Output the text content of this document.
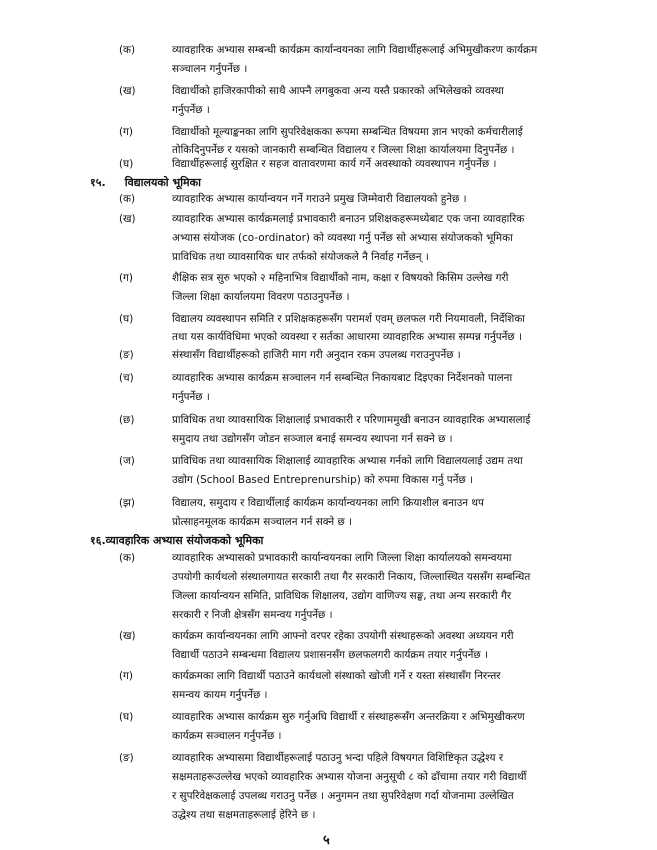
(क)	व्यावहारिक अभ्यास सम्बन्धी कार्यक्रम कार्यान्वयनका लागि विद्यार्थीहरूलाई अभिमुखीकरण कार्यक्रम
सञ्चालन गर्नुपर्नेछ ।
(ख)	विद्यार्थीको हाजिरकापीको साथै आफ्नै लगबुकवा अन्य यस्तै प्रकारको अभिलेखको व्यवस्था
गर्नुपर्नेछ ।
(ग)	विद्यार्थीको मूल्याङ्कनका लागि सुपरिवेक्षकका रूपमा सम्बन्धित विषयमा ज्ञान भएको कर्मचारीलाई
तोकिदिनुपर्नेछ र यसको जानकारी सम्बन्धित विद्यालय र जिल्ला शिक्षा कार्यालयमा दिनुपर्नेछ ।
(घ)	विद्यार्थीहरूलाई सुरक्षित र सहज वातावरणमा कार्य गर्ने अवस्थाको व्यवस्थापन गर्नुपर्नेछ ।
१५.     विद्यालयको भूमिका
(क)	व्यावहारिक अभ्यास कार्यान्वयन गर्ने गराउने प्रमुख जिम्मेवारी विद्यालयको हुनेछ ।
(ख)	व्यावहारिक अभ्यास कार्यक्रमलाई प्रभावकारी बनाउन प्रशिक्षकहरूमध्येबाट एक जना व्यावहारिक
अभ्यास संयोजक (co-ordinator) को व्यवस्था गर्नु पर्नेछ सो अभ्यास संयोजकको भूमिका
प्राविधिक तथा व्यावसायिक धार तर्फको संयोजकले नै निर्वाह गर्नेछन् ।
(ग)	शैक्षिक सत्र सुरु भएको २ महिनाभित्र विद्यार्थीको नाम, कक्षा र विषयको किसिम उल्लेख गरी
जिल्ला शिक्षा कार्यालयमा विवरण पठाउनुपर्नेछ ।
(घ)	विद्यालय व्यवस्थापन समिति र प्रशिक्षकहरूसँग परामर्श एवम् छलफल गरी नियमावली, निर्देशिका
तथा यस कार्यविधिमा भएको व्यवस्था र सर्तका आधारमा व्यावहारिक अभ्यास सम्पन्न गर्नुपर्नेछ ।
(ङ)	संस्थासँग विद्यार्थीहरूको हाजिरी माग गरी अनुदान रकम उपलब्ध गराउनुपर्नेछ ।
(च)	व्यावहारिक अभ्यास कार्यक्रम सञ्चालन गर्न सम्बन्धित निकायबाट दिइएका निर्देशनको पालना
गर्नुपर्नेछ ।
(छ)	प्राविधिक तथा व्यावसायिक शिक्षालाई प्रभावकारी र परिणाममुखी बनाउन व्यावहारिक अभ्यासलाई
समुदाय तथा उद्योगसँग जोडन सञ्जाल बनाई समन्वय स्थापना गर्न सक्ने छ ।
(ज)	प्राविधिक तथा व्यावसायिक शिक्षालाई व्यावहारिक अभ्यास गर्नको लागि विद्यालयलाई उद्यम तथा
उद्योग (School Based Entreprenurship) को रुपमा विकास गर्नु पर्नेछ ।
(झ)	विद्यालय, समुदाय र विद्यार्थीलाई कार्यक्रम कार्यान्वयनका लागि क्रियाशील बनाउन थप
प्रोत्साहनमूलक कार्यक्रम सञ्चालन गर्न सक्ने छ ।
१६.व्यावहारिक अभ्यास संयोजकको भूमिका
(क)	व्यावहारिक अभ्यासको प्रभावकारी कार्यान्वयनका लागि जिल्ला शिक्षा कार्यालयको समन्वयमा
उपयोगी कार्यथलो संस्थालगायत सरकारी तथा गैर सरकारी निकाय, जिल्लास्थित यससँग सम्बन्धित
जिल्ला कार्यान्वयन समिति, प्राविधिक शिक्षालय, उद्योग वाणिज्य सङ्घ, तथा अन्य सरकारी गैर
सरकारी र निजी क्षेत्रसँग समन्वय गर्नुपर्नेछ ।
(ख)	कार्यक्रम कार्यान्वयनका लागि आफ्नो वरपर रहेका उपयोगी संस्थाहरूको अवस्था अध्ययन गरी
विद्यार्थी पठाउने सम्बन्धमा विद्यालय प्रशासनसँग छलफलगरी कार्यक्रम तयार गर्नुपर्नेछ ।
(ग)	कार्यक्रमका लागि विद्यार्थी पठाउने कार्यथलो संस्थाको खोजी गर्ने र यस्ता संस्थासँग निरन्तर
समन्वय कायम गर्नुपर्नेछ ।
(घ)	व्यावहारिक अभ्यास कार्यक्रम सुरु गर्नुअघि विद्यार्थी र संस्थाहरूसँग अन्तरक्रिया र अभिमुखीकरण
कार्यक्रम सञ्चालन गर्नुपर्नेछ ।
(ङ)	व्यावहारिक अभ्यासमा विद्यार्थीहरूलाई पठाउनु भन्दा पहिले विषयगत विशिष्टिकृत उद्धेश्य र
सक्षमताहरूउल्लेख भएको व्यावहारिक अभ्यास योजना अनुसूची ८ को ढाँचामा तयार गरी विद्यार्थी
र सुपरिवेक्षकलाई उपलब्ध गराउनु पर्नेछ । अनुगमन तथा सुपरिवेक्षण गर्दा योजनामा उल्लेखित
उद्धेश्य तथा सक्षमताहरूलाई हेरिने छ ।
५
